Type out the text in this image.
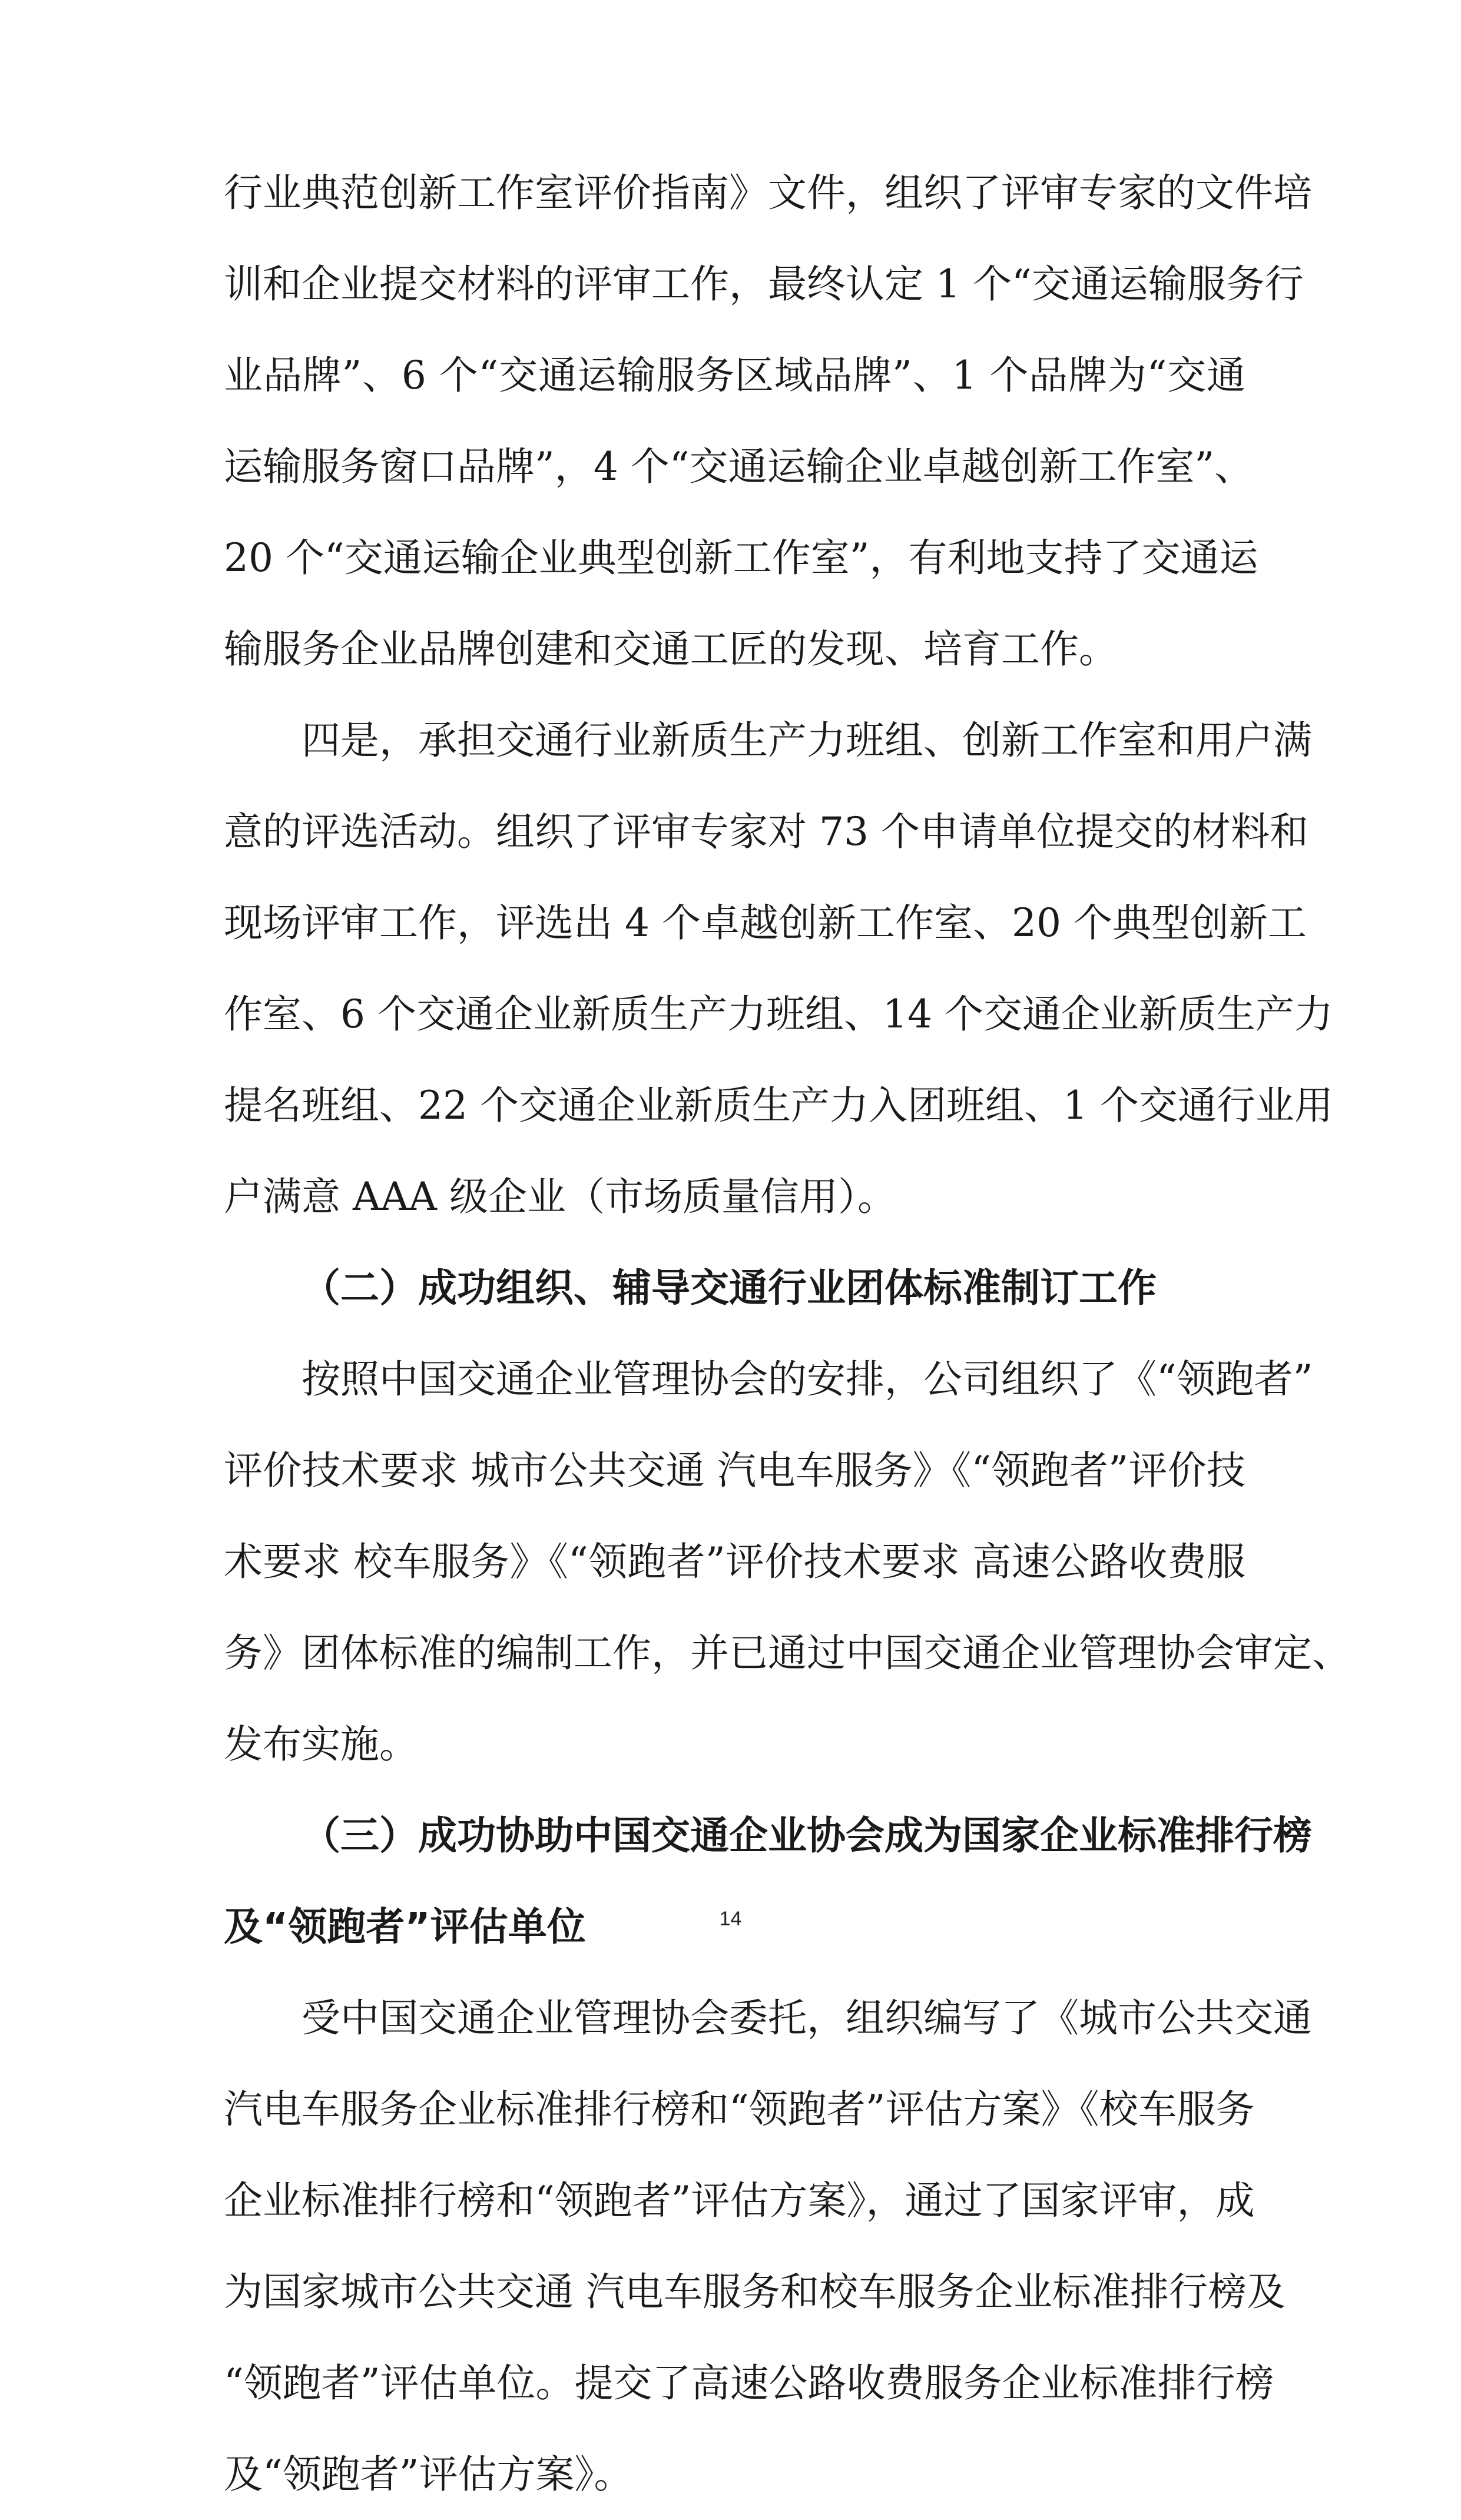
行业典范创新工作室评价指南》文件，组织了评审专家的文件培
训和企业提交材料的评审工作，最终认定 1 个“交通运输服务行
业品牌”、6 个“交通运输服务区域品牌”、1 个品牌为“交通
运输服务窗口品牌”，4 个“交通运输企业卓越创新工作室”、
20 个“交通运输企业典型创新工作室”，有利地支持了交通运
输服务企业品牌创建和交通工匠的发现、培育工作。
四是，承担交通行业新质生产力班组、创新工作室和用户满
意的评选活动。组织了评审专家对 73 个申请单位提交的材料和
现场评审工作，评选出 4 个卓越创新工作室、20 个典型创新工
作室、6 个交通企业新质生产力班组、14 个交通企业新质生产力
提名班组、22 个交通企业新质生产力入团班组、1 个交通行业用
户满意 AAA 级企业（市场质量信用）。
（二）成功组织、辅导交通行业团体标准制订工作
按照中国交通企业管理协会的安排，公司组织了《“领跑者”
评价技术要求 城市公共交通 汽电车服务》《“领跑者”评价技
术要求 校车服务》《“领跑者”评价技术要求 高速公路收费服
务》团体标准的编制工作，并已通过中国交通企业管理协会审定、
发布实施。
（三）成功协助中国交通企业协会成为国家企业标准排行榜
及“领跑者”评估单位
受中国交通企业管理协会委托，组织编写了《城市公共交通
汽电车服务企业标准排行榜和“领跑者”评估方案》《校车服务
企业标准排行榜和“领跑者”评估方案》，通过了国家评审，成
为国家城市公共交通 汽电车服务和校车服务企业标准排行榜及
“领跑者”评估单位。提交了高速公路收费服务企业标准排行榜
及“领跑者”评估方案》。
14
